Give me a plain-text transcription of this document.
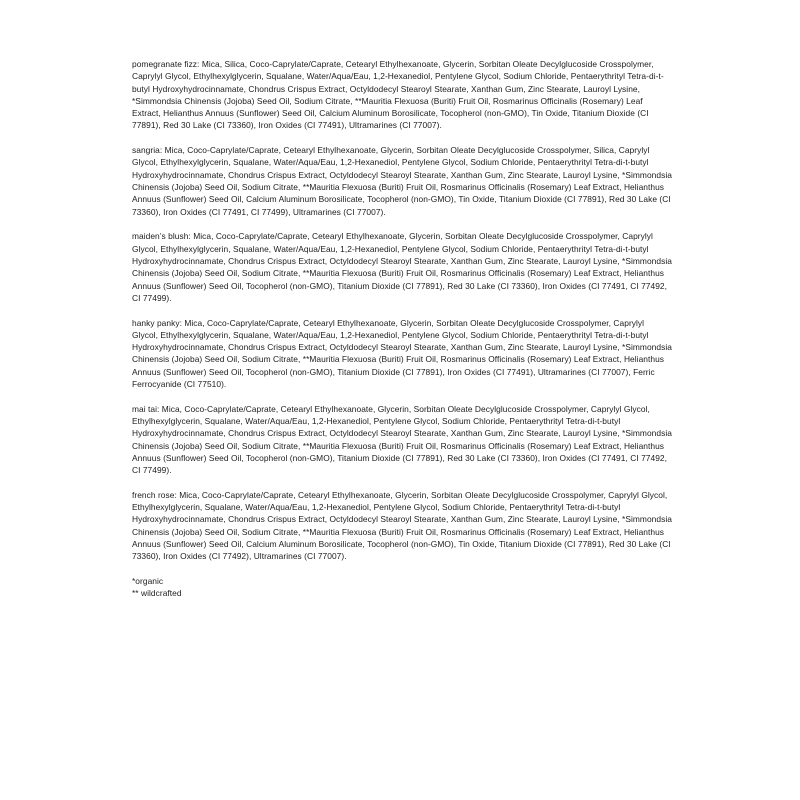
pomegranate fizz: Mica, Silica, Coco-Caprylate/Caprate, Cetearyl Ethylhexanoate, Glycerin, Sorbitan Oleate Decylglucoside Crosspolymer, Caprylyl Glycol, Ethylhexylglycerin, Squalane, Water/Aqua/Eau, 1,2-Hexanediol, Pentylene Glycol, Sodium Chloride, Pentaerythrityl Tetra-di-t-butyl Hydroxyhydrocinnamate, Chondrus Crispus Extract, Octyldodecyl Stearoyl Stearate, Xanthan Gum, Zinc Stearate, Lauroyl Lysine, *Simmondsia Chinensis (Jojoba) Seed Oil, Sodium Citrate, **Mauritia Flexuosa (Buriti) Fruit Oil, Rosmarinus Officinalis (Rosemary) Leaf Extract, Helianthus Annuus (Sunflower) Seed Oil, Calcium Aluminum Borosilicate, Tocopherol (non-GMO), Tin Oxide, Titanium Dioxide (CI 77891), Red 30 Lake (CI 73360), Iron Oxides (CI 77491), Ultramarines (CI 77007).

sangria: Mica, Coco-Caprylate/Caprate, Cetearyl Ethylhexanoate, Glycerin, Sorbitan Oleate Decylglucoside Crosspolymer, Silica, Caprylyl Glycol, Ethylhexylglycerin, Squalane, Water/Aqua/Eau, 1,2-Hexanediol, Pentylene Glycol, Sodium Chloride, Pentaerythrityl Tetra-di-t-butyl Hydroxyhydrocinnamate, Chondrus Crispus Extract, Octyldodecyl Stearoyl Stearate, Xanthan Gum, Zinc Stearate, Lauroyl Lysine, *Simmondsia Chinensis (Jojoba) Seed Oil, Sodium Citrate, **Mauritia Flexuosa (Buriti) Fruit Oil, Rosmarinus Officinalis (Rosemary) Leaf Extract, Helianthus Annuus (Sunflower) Seed Oil, Calcium Aluminum Borosilicate, Tocopherol (non-GMO), Tin Oxide, Titanium Dioxide (CI 77891), Red 30 Lake (CI 73360), Iron Oxides (CI 77491, CI 77499), Ultramarines (CI 77007).

maiden’s blush: Mica, Coco-Caprylate/Caprate, Cetearyl Ethylhexanoate, Glycerin, Sorbitan Oleate Decylglucoside Crosspolymer, Caprylyl Glycol, Ethylhexylglycerin, Squalane, Water/Aqua/Eau, 1,2-Hexanediol, Pentylene Glycol, Sodium Chloride, Pentaerythrityl Tetra-di-t-butyl Hydroxyhydrocinnamate, Chondrus Crispus Extract, Octyldodecyl Stearoyl Stearate, Xanthan Gum, Zinc Stearate, Lauroyl Lysine, *Simmondsia Chinensis (Jojoba) Seed Oil, Sodium Citrate, **Mauritia Flexuosa (Buriti) Fruit Oil, Rosmarinus Officinalis (Rosemary) Leaf Extract, Helianthus Annuus (Sunflower) Seed Oil, Tocopherol (non-GMO), Titanium Dioxide (CI 77891), Red 30 Lake (CI 73360), Iron Oxides (CI 77491, CI 77492, CI 77499).

hanky panky: Mica, Coco-Caprylate/Caprate, Cetearyl Ethylhexanoate, Glycerin, Sorbitan Oleate Decylglucoside Crosspolymer, Caprylyl Glycol, Ethylhexylglycerin, Squalane, Water/Aqua/Eau, 1,2-Hexanediol, Pentylene Glycol, Sodium Chloride, Pentaerythrityl Tetra-di-t-butyl Hydroxyhydrocinnamate, Chondrus Crispus Extract, Octyldodecyl Stearoyl Stearate, Xanthan Gum, Zinc Stearate, Lauroyl Lysine, *Simmondsia Chinensis (Jojoba) Seed Oil, Sodium Citrate, **Mauritia Flexuosa (Buriti) Fruit Oil, Rosmarinus Officinalis (Rosemary) Leaf Extract, Helianthus Annuus (Sunflower) Seed Oil, Tocopherol (non-GMO), Titanium Dioxide (CI 77891), Iron Oxides (CI 77491), Ultramarines (CI 77007), Ferric Ferrocyanide (CI 77510).

mai tai: Mica, Coco-Caprylate/Caprate, Cetearyl Ethylhexanoate, Glycerin, Sorbitan Oleate Decylglucoside Crosspolymer, Caprylyl Glycol, Ethylhexylglycerin, Squalane, Water/Aqua/Eau, 1,2-Hexanediol, Pentylene Glycol, Sodium Chloride, Pentaerythrityl Tetra-di-t-butyl Hydroxyhydrocinnamate, Chondrus Crispus Extract, Octyldodecyl Stearoyl Stearate, Xanthan Gum, Zinc Stearate, Lauroyl Lysine, *Simmondsia Chinensis (Jojoba) Seed Oil, Sodium Citrate, **Mauritia Flexuosa (Buriti) Fruit Oil, Rosmarinus Officinalis (Rosemary) Leaf Extract, Helianthus Annuus (Sunflower) Seed Oil, Tocopherol (non-GMO), Titanium Dioxide (CI 77891), Red 30 Lake (CI 73360), Iron Oxides (CI 77491, CI 77492, CI 77499).

french rose: Mica, Coco-Caprylate/Caprate, Cetearyl Ethylhexanoate, Glycerin, Sorbitan Oleate Decylglucoside Crosspolymer, Caprylyl Glycol, Ethylhexylglycerin, Squalane, Water/Aqua/Eau, 1,2-Hexanediol, Pentylene Glycol, Sodium Chloride, Pentaerythrityl Tetra-di-t-butyl Hydroxyhydrocinnamate, Chondrus Crispus Extract, Octyldodecyl Stearoyl Stearate, Xanthan Gum, Zinc Stearate, Lauroyl Lysine, *Simmondsia Chinensis (Jojoba) Seed Oil, Sodium Citrate, **Mauritia Flexuosa (Buriti) Fruit Oil, Rosmarinus Officinalis (Rosemary) Leaf Extract, Helianthus Annuus (Sunflower) Seed Oil, Calcium Aluminum Borosilicate, Tocopherol (non-GMO), Tin Oxide, Titanium Dioxide (CI 77891), Red 30 Lake (CI 73360), Iron Oxides (CI 77492), Ultramarines (CI 77007).

*organic
** wildcrafted
